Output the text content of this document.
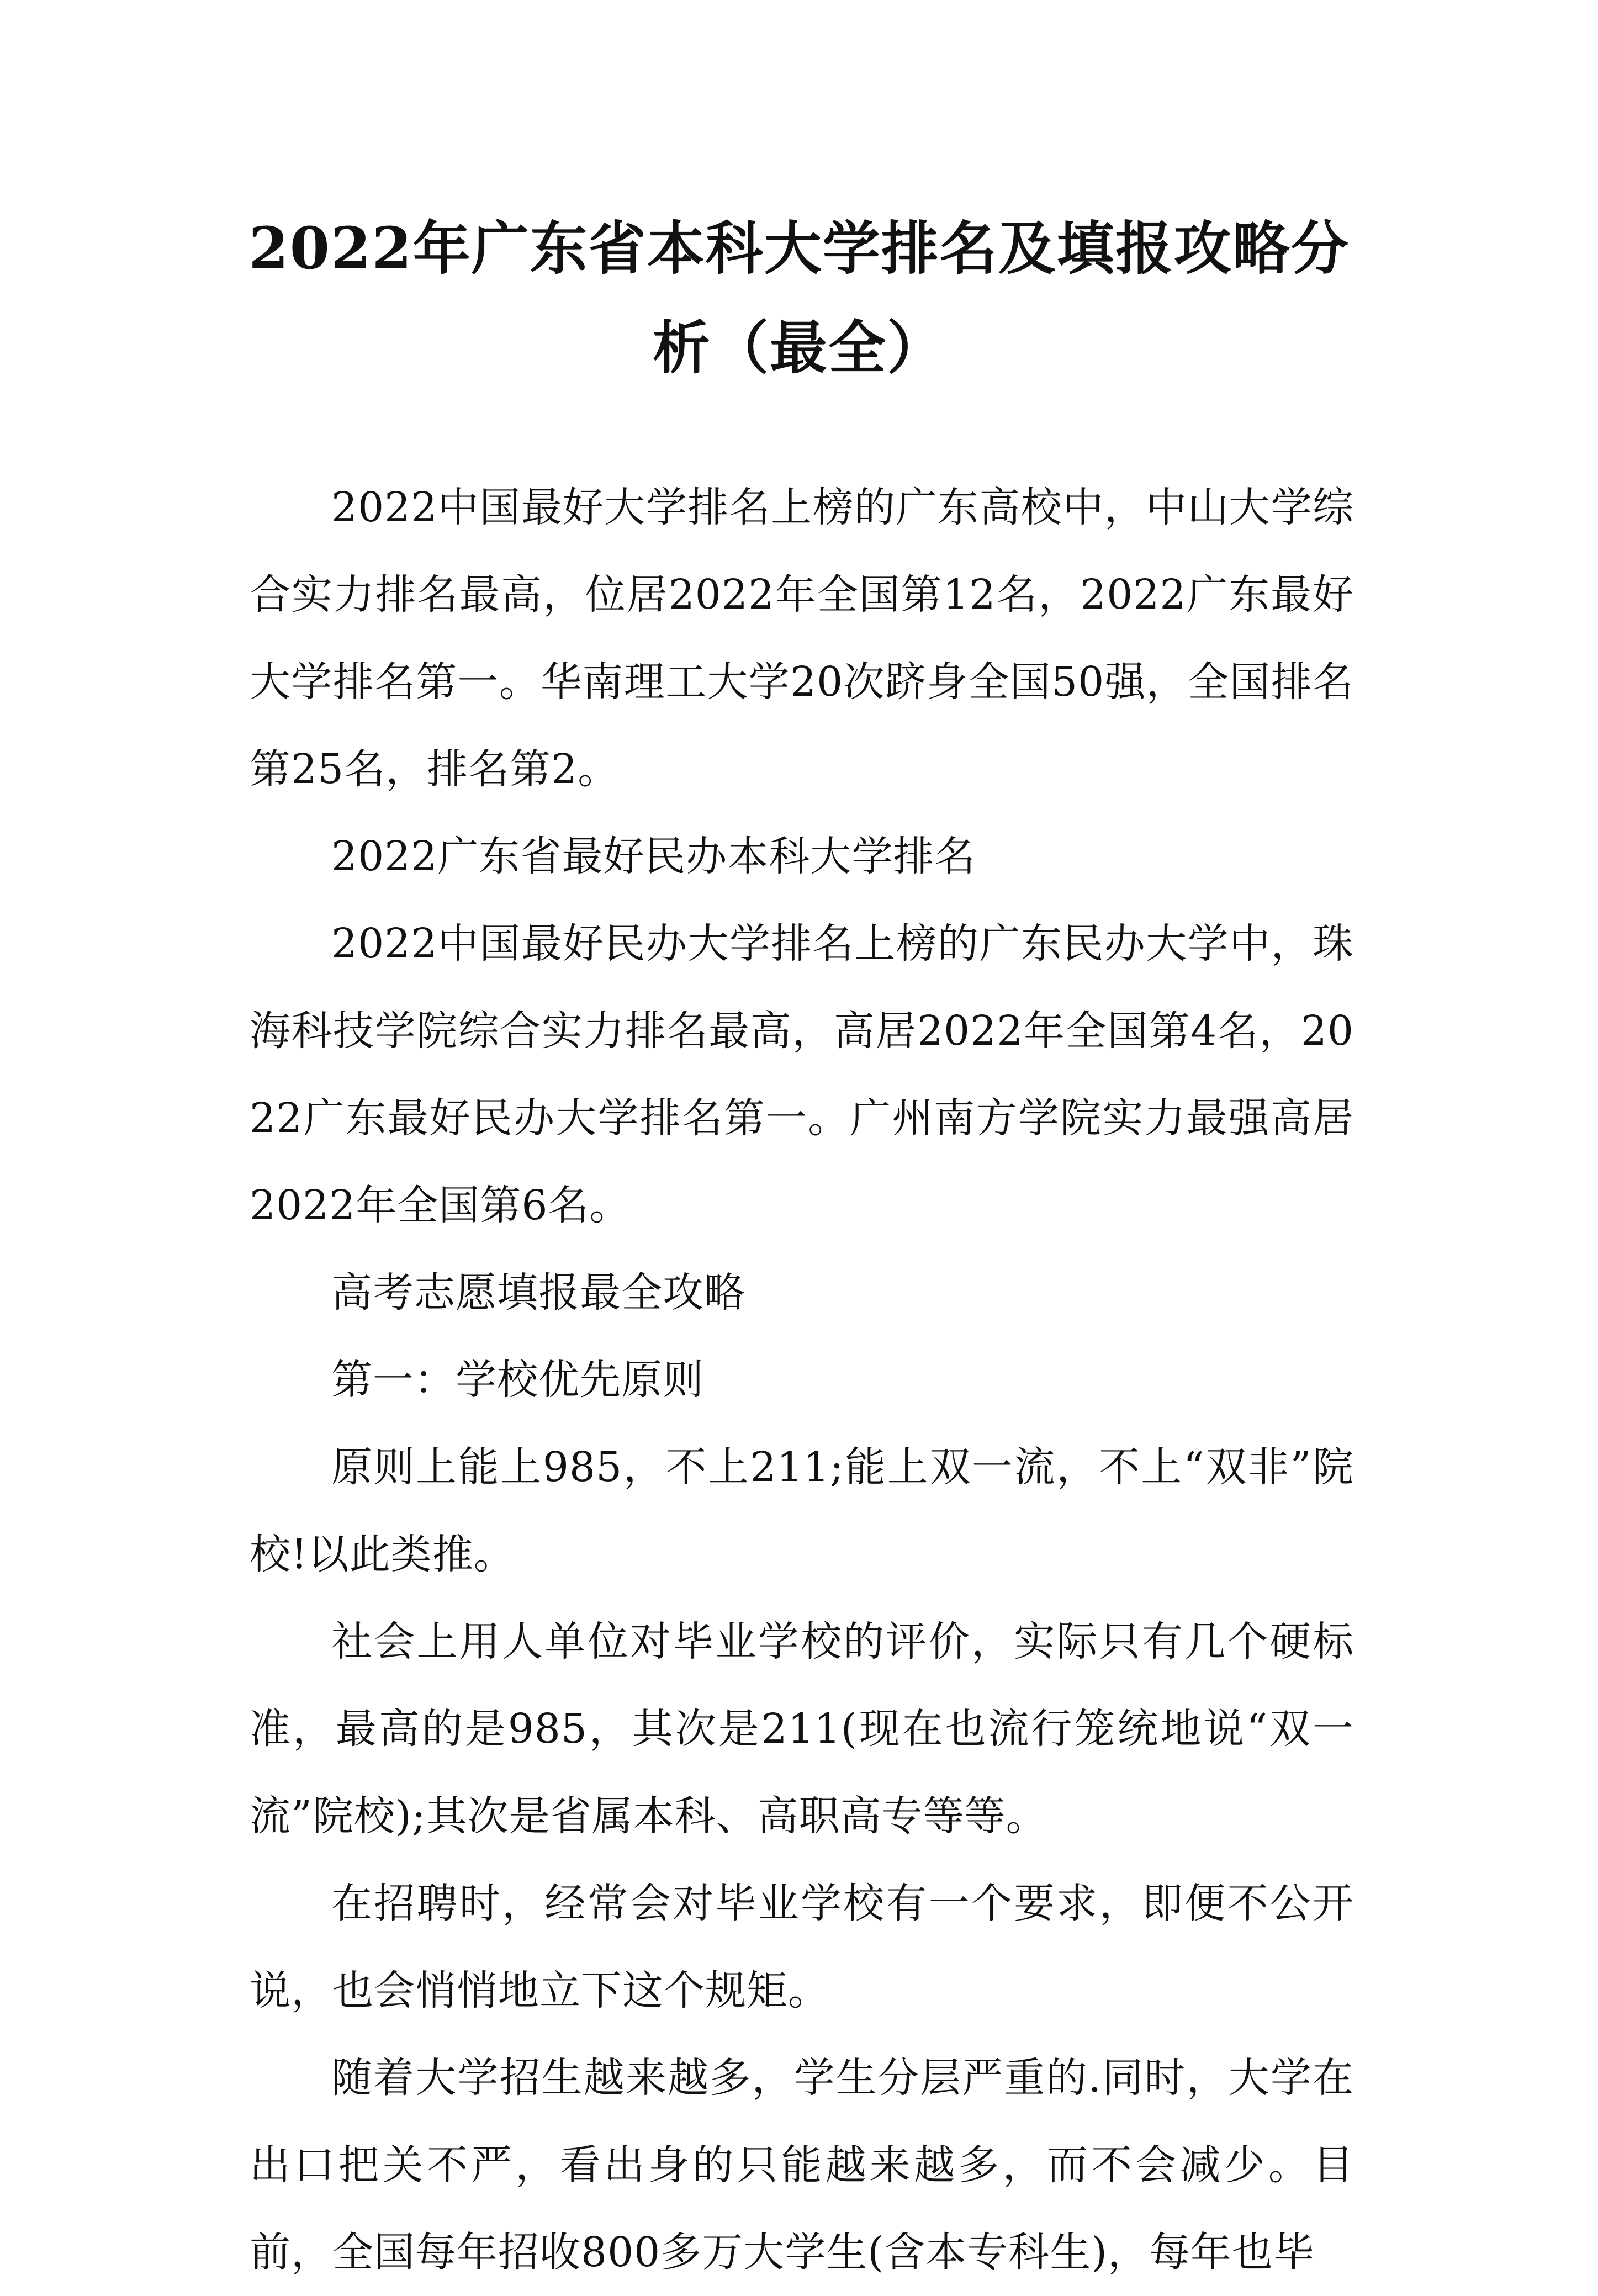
2022年广东省本科大学排名及填报攻略分析（最全）

2022中国最好大学排名上榜的广东高校中，中山大学综合实力排名最高，位居2022年全国第12名，2022广东最好大学排名第一。华南理工大学20次跻身全国50强，全国排名第25名，排名第2。

2022广东省最好民办本科大学排名

2022中国最好民办大学排名上榜的广东民办大学中，珠海科技学院综合实力排名最高，高居2022年全国第4名，2022广东最好民办大学排名第一。广州南方学院实力最强高居2022年全国第6名。

高考志愿填报最全攻略

第一：学校优先原则

原则上能上985，不上211;能上双一流，不上“双非”院校!以此类推。

社会上用人单位对毕业学校的评价，实际只有几个硬标准，最高的是985，其次是211(现在也流行笼统地说“双一流”院校);其次是省属本科、高职高专等等。

在招聘时，经常会对毕业学校有一个要求，即便不公开说，也会悄悄地立下这个规矩。

随着大学招生越来越多，学生分层严重的.同时，大学在出口把关不严，看出身的只能越来越多，而不会减少。目前，全国每年招收800多万大学生(含本专科生)，每年也毕
